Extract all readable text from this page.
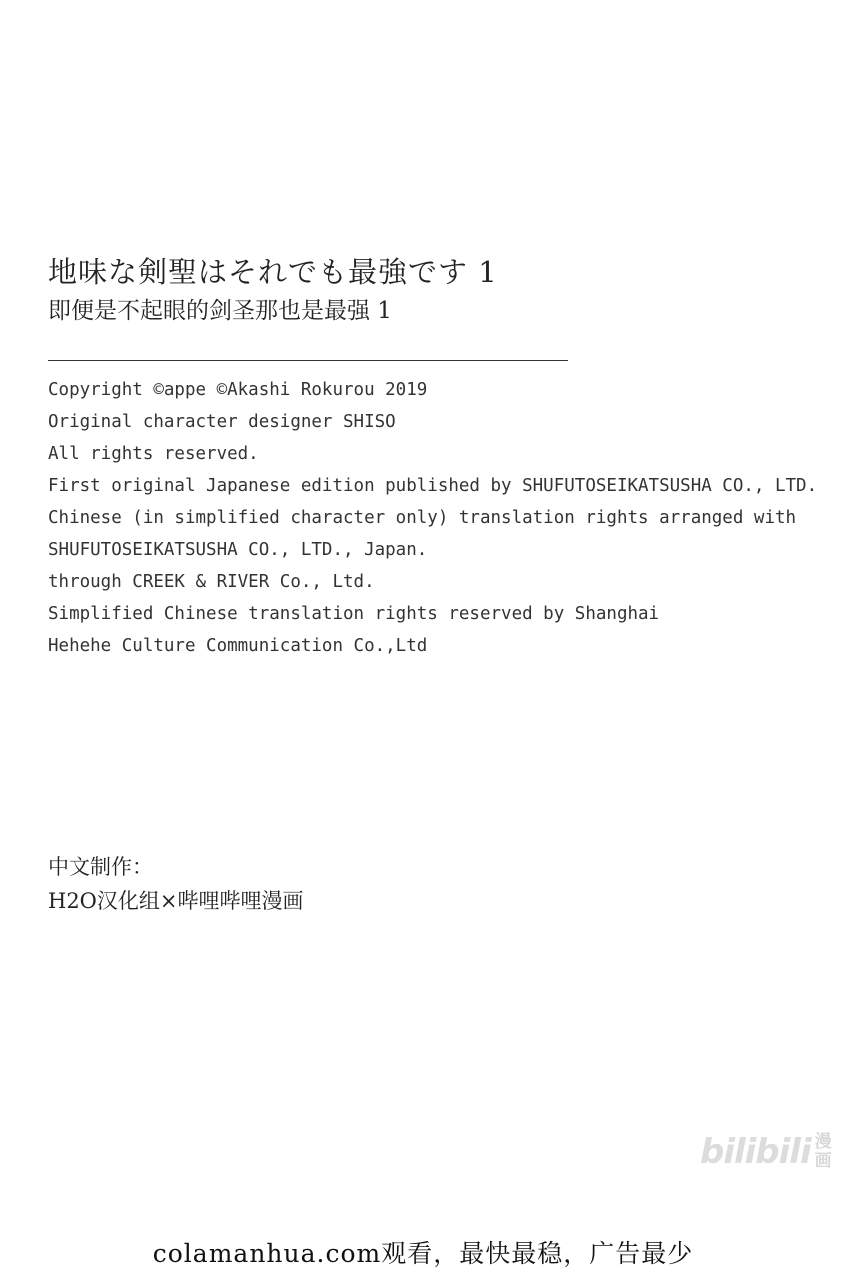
地味な剣聖はそれでも最強です 1
即便是不起眼的剑圣那也是最强 1
Copyright ©appe ©Akashi Rokurou 2019
Original character designer SHISO
All rights reserved.
First original Japanese edition published by SHUFUTOSEIKATSUSHA CO., LTD.
Chinese (in simplified character only) translation rights arranged with
SHUFUTOSEIKATSUSHA CO., LTD., Japan.
through CREEK & RIVER Co., Ltd.
Simplified Chinese translation rights reserved by Shanghai
Hehehe Culture Communication Co.,Ltd
中文制作：
H2O汉化组×哔哩哔哩漫画
bilibili 漫
画
colamanhua.com观看，最快最稳，广告最少
